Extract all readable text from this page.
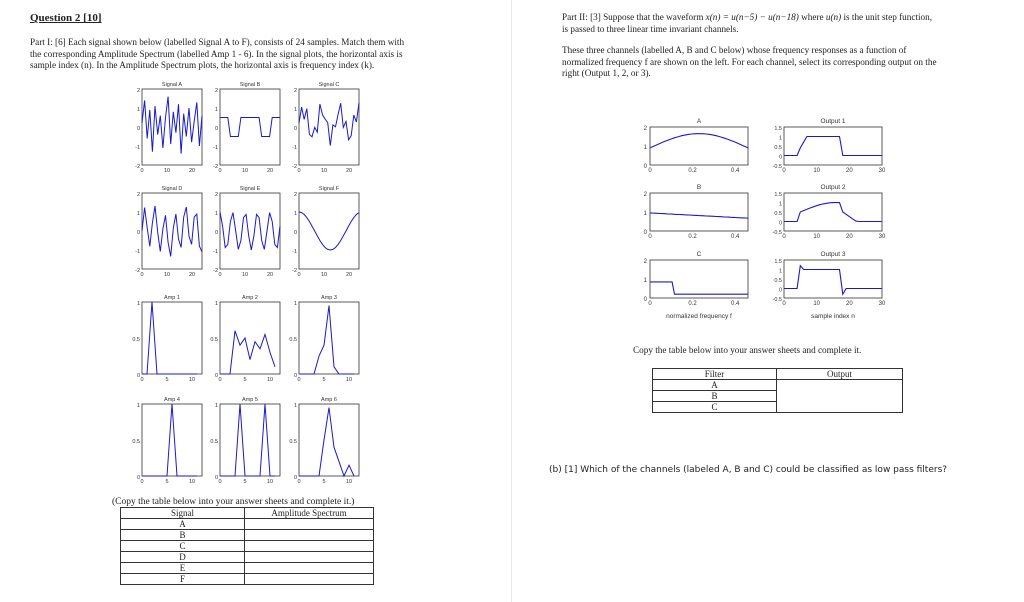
Question 2 [10]
Part I: [6] Each signal shown below (labelled Signal A to F), consists of 24 samples. Match them with
the corresponding Amplitude Spectrum (labelled Amp 1 - 6). In the signal plots, the horizontal axis is
sample index (n). In the Amplitude Spectrum plots, the horizontal axis is frequency index (k).
Signal A
2
1
0
-1
-2
0	10	20
Signal B
2
1
0
-1
-2
0	10	20
Signal C
2
1
0
-1
-2
0	10	20
Signal D
2
1
0
-1
-2
0	10	20
Signal E
2
1
0
-1
-2
0	10	20
Signal F
2
1
0
-1
-2
0	10	20
Amp 1
1
0.5
0
0	5	10
Amp 2
1
0.5
0
0	5	10
Amp 3
1
0.5
0
0	5	10
Amp 4
1
0.5
0
0	5	10
Amp 5
1
0.5
0
0	5	10
Amp 6
1
0.5
0
0	5	10
(Copy the table below into your answer sheets and complete it.)
Signal	Amplitude Spectrum
A	
B	
C	
D	
E	
F	
Part II: [3] Suppose that the waveform x(n) = u(n−5) − u(n−18) where u(n) is the unit step function,
is passed to three linear time invariant channels.
These three channels (labelled A, B and C below) whose frequency responses as a function of
normalized frequency f are shown on the left. For each channel, select its corresponding output on the
right (Output 1, 2, or 3).
A
2
1
0
0	0.2	0.4
B
2
1
0
0	0.2	0.4
C
2
1
0
0	0.2	0.4
normalized frequency f
Output 1
1.5
1
0.5
0
-0.5
0	10	20	30
Output 2
1.5
1
0.5
0
-0.5
0	10	20	30
Output 3
1.5
1
0.5
0
-0.5
0	10	20	30
sample index n
Copy the table below into your answer sheets and complete it.
Filter	Output
A	
B	
C	
(b) [1] Which of the channels (labeled A, B and C) could be classified as low pass filters?
